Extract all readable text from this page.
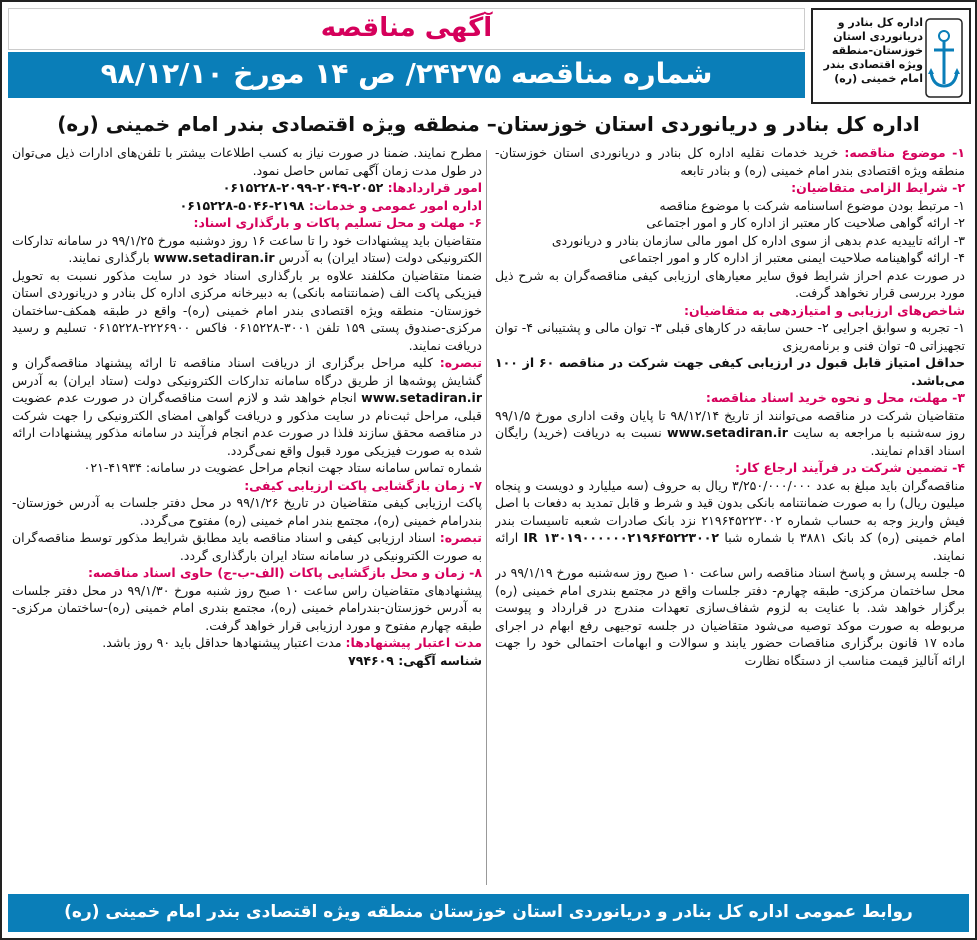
آگهی مناقصه
شماره مناقصه ۲۴۲۷۵/ ص ۱۴ مورخ ۹۸/۱۲/۱۰
اداره کل بنادر و
دریانوردی استان
خوزستان-منطقه
ویژه اقتصادی بندر
امام خمینی (ره)
اداره کل بنادر و دریانوردی استان خوزستان– منطقه ویژه اقتصادی بندر امام خمینی (ره)

۱- موضوع مناقصه: خرید خدمات نقلیه اداره کل بنادر و دریانوردی استان خوزستان-منطقه ویژه اقتصادی بندر امام خمینی (ره) و بنادر تابعه

۲- شرایط الزامی متقاضیان:

۱- مرتبط بودن موضوع اساسنامه شرکت با موضوع مناقصه

۲- ارائه گواهی صلاحیت کار معتبر از اداره کار و امور اجتماعی

۳- ارائه تاییدیه عدم بدهی از سوی اداره کل امور مالی سازمان بنادر و دریانوردی

۴- ارائه گواهینامه صلاحیت ایمنی معتبر از اداره کار و امور اجتماعی

در صورت عدم احراز شرایط فوق سایر معیارهای ارزیابی کیفی مناقصه‌گران به شرح ذیل مورد بررسی قرار نخواهد گرفت.

شاخص‌های ارزیابی و امتیازدهی به متقاضیان:

۱- تجربه و سوابق اجرایی ۲- حسن سابقه در کارهای قبلی ۳- توان مالی و پشتیبانی ۴- توان تجهیزاتی ۵- توان فنی و برنامه‌ریزی

حداقل امتیاز قابل قبول در ارزیابی کیفی جهت شرکت در مناقصه ۶۰ از ۱۰۰ می‌باشد.

۳- مهلت، محل و نحوه خرید اسناد مناقصه:

متقاضیان شرکت در مناقصه می‌توانند از تاریخ ۹۸/۱۲/۱۴ تا پایان وقت اداری مورخ ۹۹/۱/۵ روز سه‌شنبه با مراجعه به سایت www.setadiran.ir نسبت به دریافت (خرید) رایگان اسناد اقدام نمایند.

۴- تضمین شرکت در فرآیند ارجاع کار:

مناقصه‌گران باید مبلغ به عدد ۳/۲۵۰/۰۰۰/۰۰۰ ریال به حروف (سه میلیارد و دویست و پنجاه میلیون ریال) را به صورت ضمانتنامه بانکی بدون قید و شرط و قابل تمدید به دفعات با اصل فیش واریز وجه به حساب شماره ۲۱۹۶۴۵۲۲۳۰۰۲ نزد بانک صادرات شعبه تاسیسات بندر امام خمینی (ره) کد بانک ۳۸۸۱ با شماره شبا IR ۱۳۰۱۹۰۰۰۰۰۰۲۱۹۶۴۵۲۲۳۰۰۲ ارائه نمایند.

۵- جلسه پرسش و پاسخ اسناد مناقصه راس ساعت ۱۰ صبح روز سه‌شنبه مورخ ۹۹/۱/۱۹ در محل ساختمان مرکزی- طبقه چهارم- دفتر جلسات واقع در مجتمع بندری امام خمینی (ره) برگزار خواهد شد. با عنایت به لزوم شفاف‌سازی تعهدات مندرج در قرارداد و پیوست مربوطه به صورت موکد توصیه می‌شود متقاضیان در جلسه توجیهی رفع ابهام در اجرای ماده ۱۷ قانون برگزاری مناقصات حضور یابند و سوالات و ابهامات احتمالی خود را جهت ارائه آنالیز قیمت مناسب از دستگاه نظارت

مطرح نمایند. ضمنا در صورت نیاز به کسب اطلاعات بیشتر با تلفن‌های ادارات ذیل می‌توان در طول مدت زمان آگهی تماس حاصل نمود.

امور قراردادها: ۲۰۵۲-۲۰۴۹-۲۰۹۹-۰۶۱۵۲۲۸

اداره امور عمومی و خدمات: ۲۱۹۸-۵۰۴۶-۰۶۱۵۲۲۸

۶- مهلت و محل تسلیم پاکات و بارگذاری اسناد:

متقاضیان باید پیشنهادات خود را تا ساعت ۱۶ روز دوشنبه مورخ ۹۹/۱/۲۵ در سامانه تدارکات الکترونیکی دولت (ستاد ایران) به آدرس www.setadiran.ir بارگذاری نمایند.

ضمنا متقاضیان مکلفند علاوه بر بارگذاری اسناد خود در سایت مذکور نسبت به تحویل فیزیکی پاکت الف (ضمانتنامه بانکی) به دبیرخانه مرکزی اداره کل بنادر و دریانوردی استان خوزستان- منطقه ویژه اقتصادی بندر امام خمینی (ره)- واقع در طبقه همکف-ساختمان مرکزی-صندوق پستی ۱۵۹ تلفن ۳۰۰۱-۰۶۱۵۲۲۸ فاکس ۲۲۲۶۹۰۰-۰۶۱۵۲۲۸ تسلیم و رسید دریافت نمایند.

تبصره: کلیه مراحل برگزاری از دریافت اسناد مناقصه تا ارائه پیشنهاد مناقصه‌گران و گشایش پوشه‌ها از طریق درگاه سامانه تدارکات الکترونیکی دولت (ستاد ایران) به آدرس www.setadiran.ir انجام خواهد شد و لازم است مناقصه‌گران در صورت عدم عضویت قبلی، مراحل ثبت‌نام در سایت مذکور و دریافت گواهی امضای الکترونیکی را جهت شرکت در مناقصه محقق سازند فلذا در صورت عدم انجام فرآیند در سامانه مذکور پیشنهادات ارائه شده به صورت فیزیکی مورد قبول واقع نمی‌گردد.

شماره تماس سامانه ستاد جهت انجام مراحل عضویت در سامانه: ۴۱۹۳۴-۰۲۱

۷- زمان بازگشایی پاکت ارزیابی کیفی:

پاکت ارزیابی کیفی متقاضیان در تاریخ ۹۹/۱/۲۶ در محل دفتر جلسات به آدرس خوزستان-بندرامام خمینی (ره)، مجتمع بندر امام خمینی (ره) مفتوح می‌گردد.

تبصره: اسناد ارزیابی کیفی و اسناد مناقصه باید مطابق شرایط مذکور توسط مناقصه‌گران به صورت الکترونیکی در سامانه ستاد ایران بارگذاری گردد.

۸- زمان و محل بازگشایی پاکات (الف-ب-ج) حاوی اسناد مناقصه:

پیشنهادهای متقاضیان راس ساعت ۱۰ صبح روز شنبه مورخ ۹۹/۱/۳۰ در محل دفتر جلسات به آدرس خوزستان-بندرامام خمینی (ره)، مجتمع بندری امام خمینی (ره)-ساختمان مرکزی-طبقه چهارم مفتوح و مورد ارزیابی قرار خواهد گرفت.

مدت اعتبار پیشنهادها: مدت اعتبار پیشنهادها حداقل باید ۹۰ روز باشد.

شناسه آگهی: ۷۹۴۶۰۹

روابط عمومی اداره کل بنادر و دریانوردی استان خوزستان منطقه ویژه اقتصادی بندر امام خمینی (ره)
